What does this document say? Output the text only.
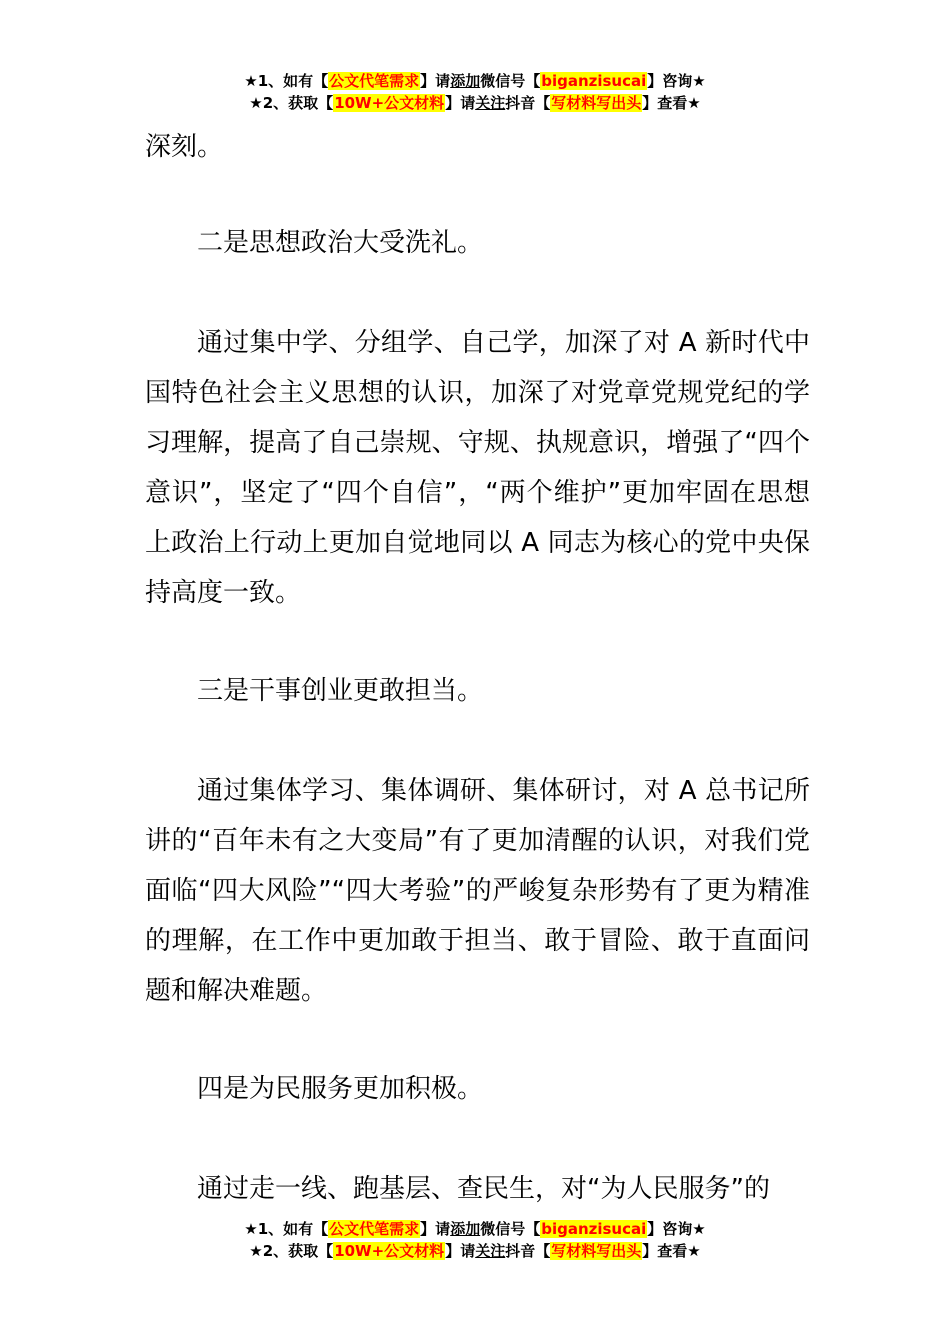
★1、如有【公文代笔需求】请添加微信号【biganzisucai】咨询★
★2、获取【10W+公文材料】请关注抖音【写材料写出头】查看★

深刻。

二是思想政治大受洗礼。

通过集中学、分组学、自己学，加深了对 A 新时代中国特色社会主义思想的认识，加深了对党章党规党纪的学习理解，提高了自己崇规、守规、执规意识，增强了“四个意识”，坚定了“四个自信”，“两个维护”更加牢固在思想上政治上行动上更加自觉地同以 A 同志为核心的党中央保持高度一致。

三是干事创业更敢担当。

通过集体学习、集体调研、集体研讨，对 A 总书记所讲的“百年未有之大变局”有了更加清醒的认识，对我们党面临“四大风险”“四大考验”的严峻复杂形势有了更为精准的理解，在工作中更加敢于担当、敢于冒险、敢于直面问题和解决难题。

四是为民服务更加积极。

通过走一线、跑基层、查民生，对“为人民服务”的

★1、如有【公文代笔需求】请添加微信号【biganzisucai】咨询★
★2、获取【10W+公文材料】请关注抖音【写材料写出头】查看★
